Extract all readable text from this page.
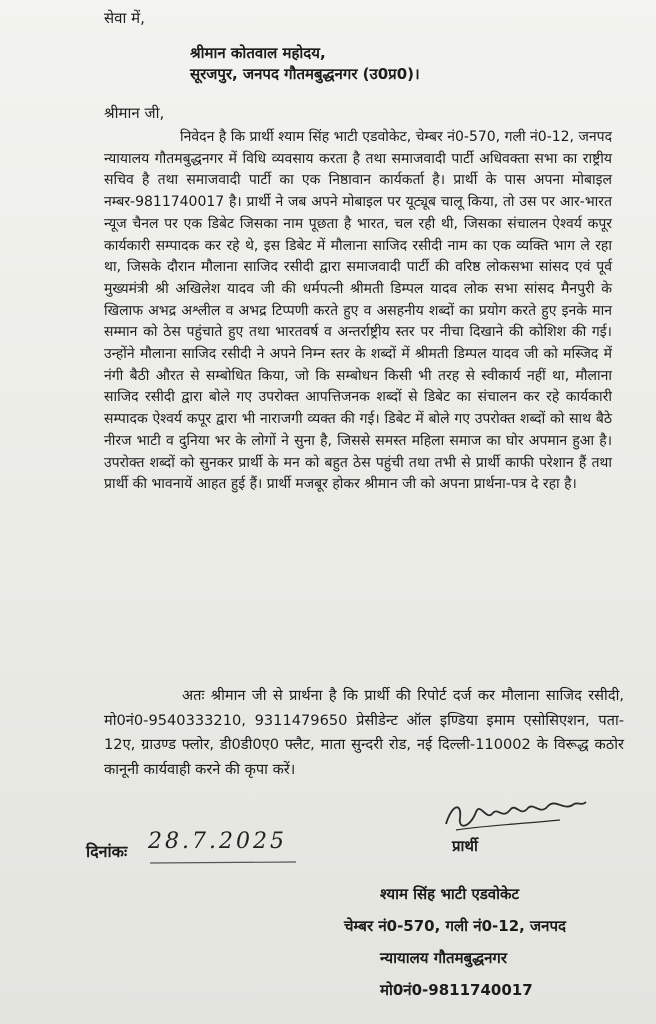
सेवा में,
श्रीमान कोतवाल महोदय,
सूरजपुर, जनपद गौतमबुद्धनगर (उ0प्र0)।
श्रीमान जी,
निवेदन है कि प्रार्थी श्याम सिंह भाटी एडवोकेट, चेम्बर नं0-570, गली नं0-12, जनपद न्यायालय गौतमबुद्धनगर में विधि व्यवसाय करता है तथा समाजवादी पार्टी अधिवक्ता सभा का राष्ट्रीय सचिव है तथा समाजवादी पार्टी का एक निष्ठावान कार्यकर्ता है। प्रार्थी के पास अपना मोबाइल नम्बर-9811740017 है। प्रार्थी ने जब अपने मोबाइल पर यूट्यूब चालू किया, तो उस पर आर-भारत न्यूज चैनल पर एक डिबेट जिसका नाम पूछता है भारत, चल रही थी, जिसका संचालन ऐश्वर्य कपूर कार्यकारी सम्पादक कर रहे थे, इस डिबेट में मौलाना साजिद रसीदी नाम का एक व्यक्ति भाग ले रहा था, जिसके दौरान मौलाना साजिद रसीदी द्वारा समाजवादी पार्टी की वरिष्ठ लोकसभा सांसद एवं पूर्व मुख्यमंत्री श्री अखिलेश यादव जी की धर्मपत्नी श्रीमती डिम्पल यादव लोक सभा सांसद मैनपुरी के खिलाफ अभद्र अश्लील व अभद्र टिप्पणी करते हुए व असहनीय शब्दों का प्रयोग करते हुए इनके मान सम्मान को ठेस पहुंचाते हुए तथा भारतवर्ष व अन्तर्राष्ट्रीय स्तर पर नीचा दिखाने की कोशिश की गई। उन्होंने मौलाना साजिद रसीदी ने अपने निम्न स्तर के शब्दों में श्रीमती डिम्पल यादव जी को मस्जिद में नंगी बैठी औरत से सम्बोधित किया, जो कि सम्बोधन किसी भी तरह से स्वीकार्य नहीं था, मौलाना साजिद रसीदी द्वारा बोले गए उपरोक्त आपत्तिजनक शब्दों से डिबेट का संचालन कर रहे कार्यकारी सम्पादक ऐश्वर्य कपूर द्वारा भी नाराजगी व्यक्त की गई। डिबेट में बोले गए उपरोक्त शब्दों को साथ बैठे नीरज भाटी व दुनिया भर के लोगों ने सुना है, जिससे समस्त महिला समाज का घोर अपमान हुआ है। उपरोक्त शब्दों को सुनकर प्रार्थी के मन को बहुत ठेस पहुंची तथा तभी से प्रार्थी काफी परेशान हैं तथा प्रार्थी की भावनायें आहत हुई हैं। प्रार्थी मजबूर होकर श्रीमान जी को अपना प्रार्थना-पत्र दे रहा है।
अतः श्रीमान जी से प्रार्थना है कि प्रार्थी की रिपोर्ट दर्ज कर मौलाना साजिद रसीदी, मो0नं0-9540333210, 9311479650 प्रेसीडेन्ट ऑल इण्डिया इमाम एसोसिएशन, पता- 12ए, ग्राउण्ड फ्लोर, डी0डी0ए0 फ्लैट, माता सुन्दरी रोड, नई दिल्ली-110002 के विरूद्ध कठोर कानूनी कार्यवाही करने की कृपा करें।
दिनांकः 28.7.2025	प्रार्थी
श्याम सिंह भाटी एडवोकेट
चेम्बर नं0-570, गली नं0-12, जनपद
न्यायालय गौतमबुद्धनगर
मो0नं0-9811740017
